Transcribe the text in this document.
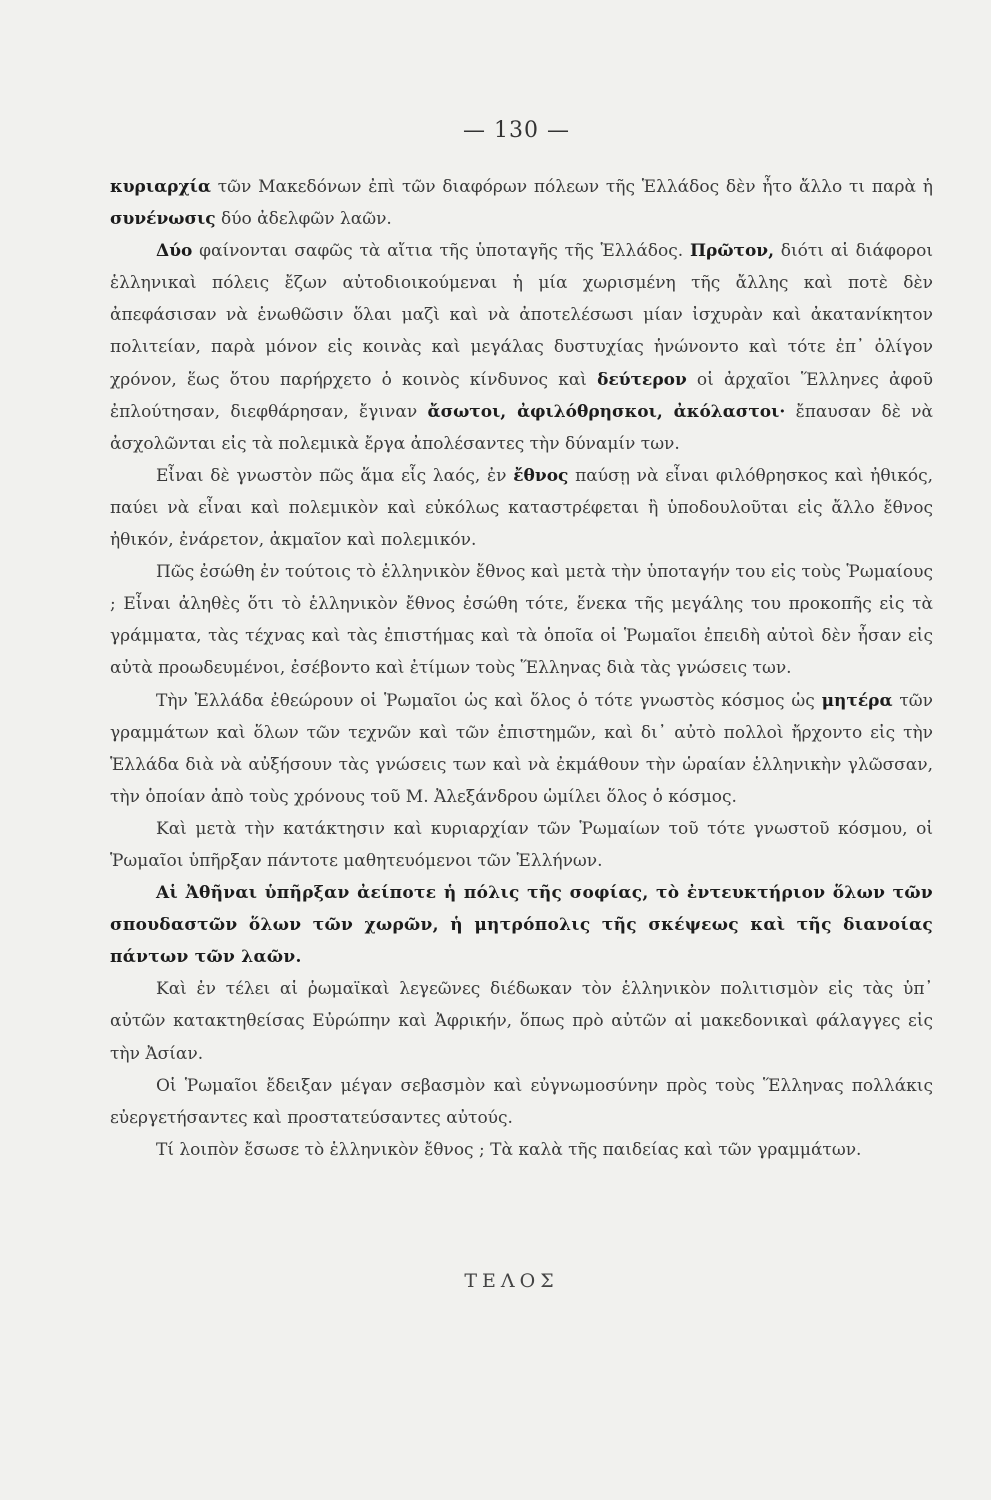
— 130 —

κυριαρχία τῶν Μακεδόνων ἐπὶ τῶν διαφόρων πόλεων τῆς Ἑλλάδος δὲν ἦτο ἄλλο τι παρὰ ἡ συνένωσις δύο ἀδελφῶν λαῶν.

Δύο φαίνονται σαφῶς τὰ αἴτια τῆς ὑποταγῆς τῆς Ἑλλάδος. Πρῶτον, διότι αἱ διάφοροι ἑλληνικαὶ πόλεις ἔζων αὐτοδιοικούμεναι ἡ μία χωρισμένη τῆς ἄλλης καὶ ποτὲ δὲν ἀπεφάσισαν νὰ ἑνωθῶσιν ὅλαι μαζὶ καὶ νὰ ἀποτελέσωσι μίαν ἰσχυρὰν καὶ ἀκατανίκητον πολιτείαν, παρὰ μόνον εἰς κοινὰς καὶ μεγάλας δυστυχίας ἡνώνοντο καὶ τότε ἐπ᾿ ὀλίγον χρόνον, ἕως ὅτου παρήρχετο ὁ κοινὸς κίνδυνος καὶ δεύτερον οἱ ἀρχαῖοι Ἕλληνες ἀφοῦ ἐπλούτησαν, διεφθάρησαν, ἔγιναν ἄσωτοι, ἀφιλόθρησκοι, ἀκόλαστοι· ἔπαυσαν δὲ νὰ ἀσχολῶνται εἰς τὰ πολεμικὰ ἔργα ἀπολέσαντες τὴν δύναμίν των.

Εἶναι δὲ γνωστὸν πῶς ἅμα εἷς λαός, ἐν ἔθνος παύσῃ νὰ εἶναι φιλόθρησκος καὶ ἠθικός, παύει νὰ εἶναι καὶ πολεμικὸν καὶ εὐκόλως καταστρέφεται ἢ ὑποδουλοῦται εἰς ἄλλο ἔθνος ἠθικόν, ἐνάρετον, ἀκμαῖον καὶ πολεμικόν.

Πῶς ἐσώθη ἐν τούτοις τὸ ἑλληνικὸν ἔθνος καὶ μετὰ τὴν ὑποταγήν του εἰς τοὺς Ῥωμαίους ; Εἶναι ἀληθὲς ὅτι τὸ ἑλληνικὸν ἔθνος ἐσώθη τότε, ἕνεκα τῆς μεγάλης του προκοπῆς εἰς τὰ γράμματα, τὰς τέχνας καὶ τὰς ἐπιστήμας καὶ τὰ ὁποῖα οἱ Ῥωμαῖοι ἐπειδὴ αὐτοὶ δὲν ἦσαν εἰς αὐτὰ προωδευμένοι, ἐσέβοντο καὶ ἐτίμων τοὺς Ἕλληνας διὰ τὰς γνώσεις των.

Τὴν Ἑλλάδα ἐθεώρουν οἱ Ῥωμαῖοι ὡς καὶ ὅλος ὁ τότε γνωστὸς κόσμος ὡς μητέρα τῶν γραμμάτων καὶ ὅλων τῶν τεχνῶν καὶ τῶν ἐπιστημῶν, καὶ δι᾿ αὐτὸ πολλοὶ ἤρχοντο εἰς τὴν Ἑλλάδα διὰ νὰ αὐξήσουν τὰς γνώσεις των καὶ νὰ ἐκμάθουν τὴν ὡραίαν ἑλληνικὴν γλῶσσαν, τὴν ὁποίαν ἀπὸ τοὺς χρόνους τοῦ Μ. Ἀλεξάνδρου ὡμίλει ὅλος ὁ κόσμος.

Καὶ μετὰ τὴν κατάκτησιν καὶ κυριαρχίαν τῶν Ῥωμαίων τοῦ τότε γνωστοῦ κόσμου, οἱ Ῥωμαῖοι ὑπῆρξαν πάντοτε μαθητευόμενοι τῶν Ἑλλήνων.

Αἱ Ἀθῆναι ὑπῆρξαν ἀείποτε ἡ πόλις τῆς σοφίας, τὸ ἐντευκτήριον ὅλων τῶν σπουδαστῶν ὅλων τῶν χωρῶν, ἡ μητρόπολις τῆς σκέψεως καὶ τῆς διανοίας πάντων τῶν λαῶν.

Καὶ ἐν τέλει αἱ ῥωμαϊκαὶ λεγεῶνες διέδωκαν τὸν ἑλληνικὸν πολιτισμὸν εἰς τὰς ὑπ᾿ αὐτῶν κατακτηθείσας Εὐρώπην καὶ Ἀφρικήν, ὅπως πρὸ αὐτῶν αἱ μακεδονικαὶ φάλαγγες εἰς τὴν Ἀσίαν.

Οἱ Ῥωμαῖοι ἔδειξαν μέγαν σεβασμὸν καὶ εὐγνωμοσύνην πρὸς τοὺς Ἕλληνας πολλάκις εὐεργετήσαντες καὶ προστατεύσαντες αὐτούς.

Τί λοιπὸν ἔσωσε τὸ ἑλληνικὸν ἔθνος ; Τὰ καλὰ τῆς παιδείας καὶ τῶν γραμμάτων.

ΤΕΛΟΣ
